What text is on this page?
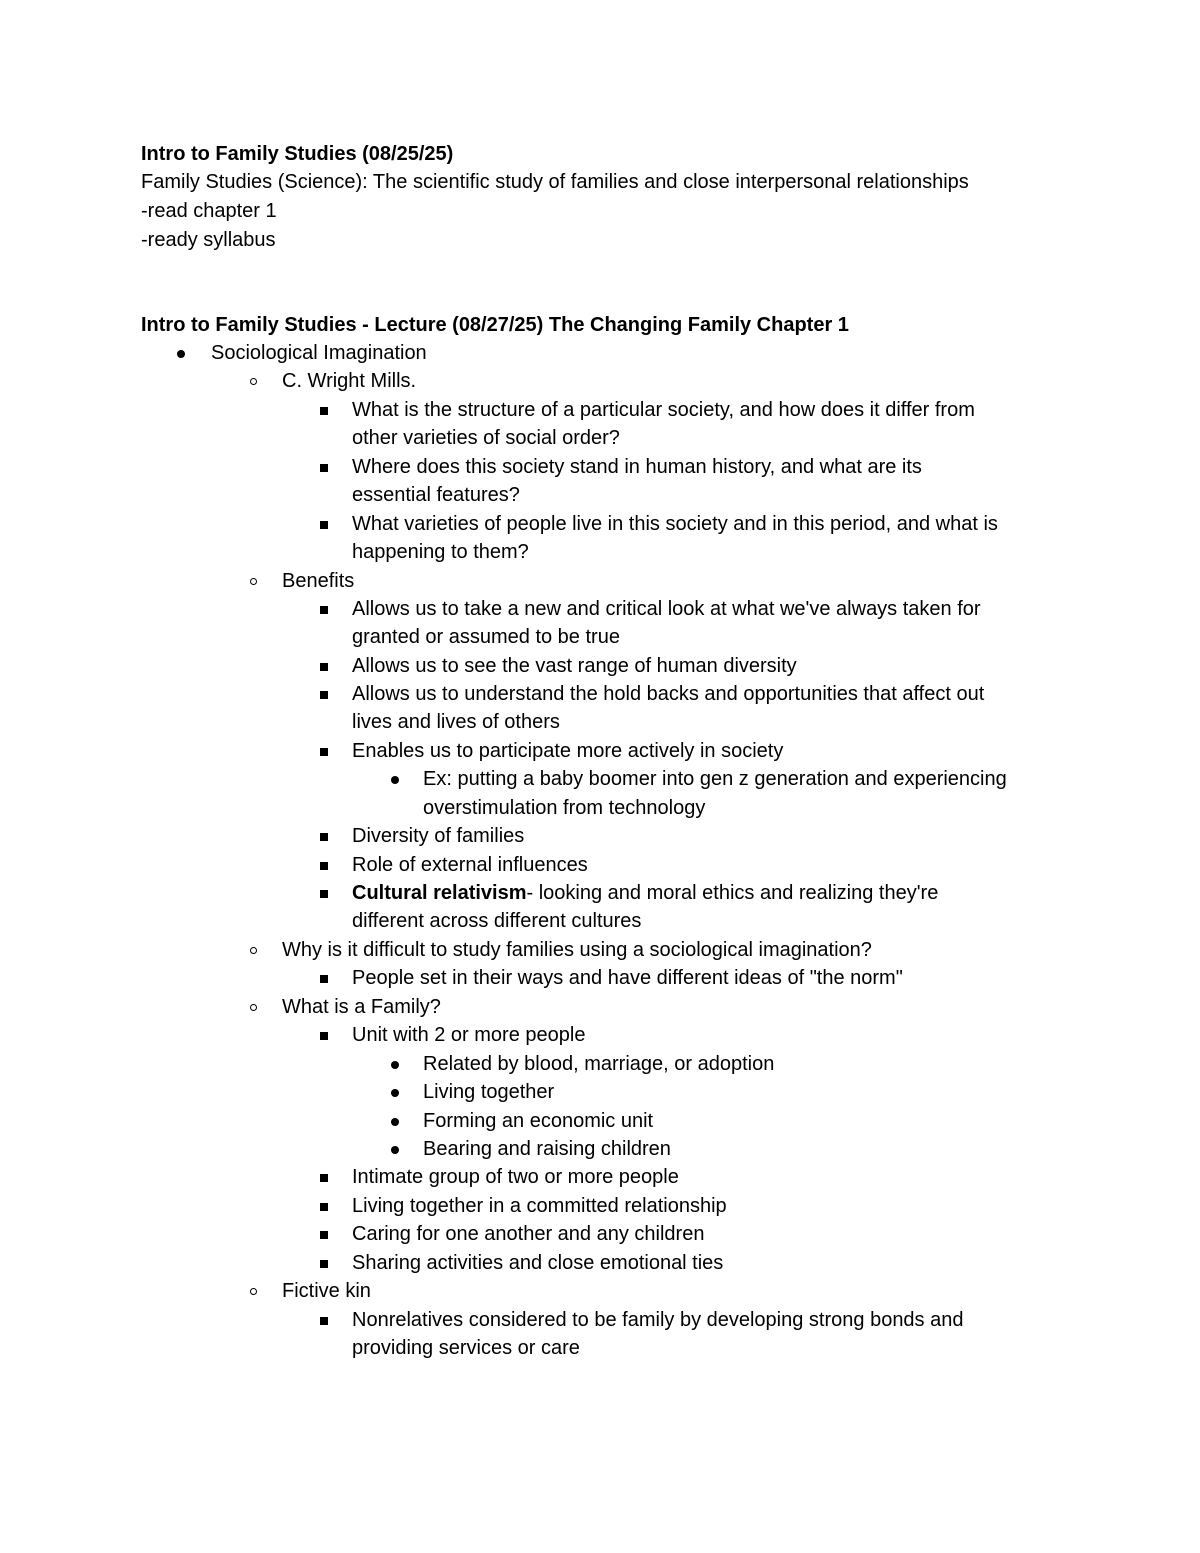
Intro to Family Studies (08/25/25)
Family Studies (Science): The scientific study of families and close interpersonal relationships
-read chapter 1
-ready syllabus
Intro to Family Studies - Lecture (08/27/25) The Changing Family Chapter 1
Sociological Imagination
C. Wright Mills.
What is the structure of a particular society, and how does it differ from
other varieties of social order?
Where does this society stand in human history, and what are its
essential features?
What varieties of people live in this society and in this period, and what is
happening to them?
Benefits
Allows us to take a new and critical look at what we've always taken for
granted or assumed to be true
Allows us to see the vast range of human diversity
Allows us to understand the hold backs and opportunities that affect out
lives and lives of others
Enables us to participate more actively in society
Ex: putting a baby boomer into gen z generation and experiencing
overstimulation from technology
Diversity of families
Role of external influences
Cultural relativism- looking and moral ethics and realizing they're
different across different cultures
Why is it difficult to study families using a sociological imagination?
People set in their ways and have different ideas of "the norm"
What is a Family?
Unit with 2 or more people
Related by blood, marriage, or adoption
Living together
Forming an economic unit
Bearing and raising children
Intimate group of two or more people
Living together in a committed relationship
Caring for one another and any children
Sharing activities and close emotional ties
Fictive kin
Nonrelatives considered to be family by developing strong bonds and
providing services or care
